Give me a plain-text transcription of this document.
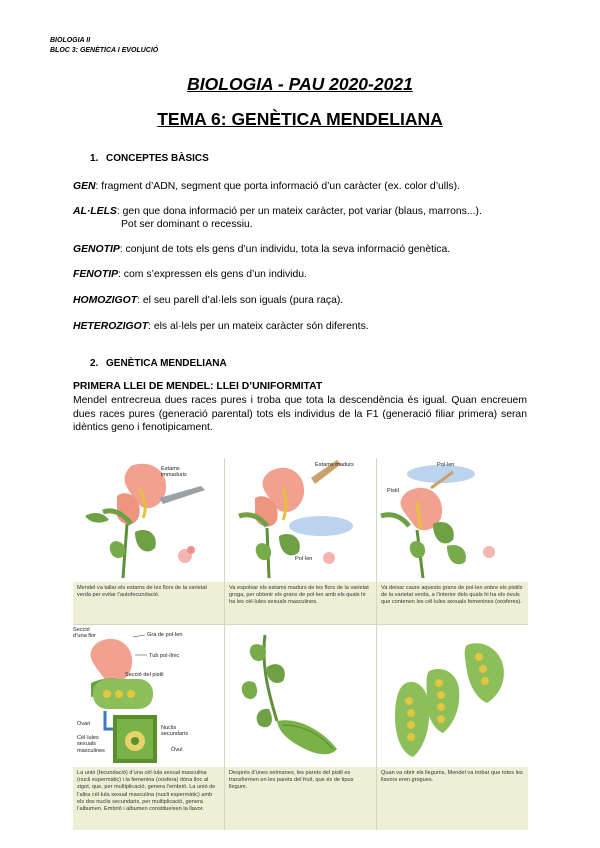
BIOLOGIA II
BLOC 3: GENÈTICA I EVOLUCIÓ
BIOLOGIA - PAU 2020-2021
TEMA 6: GENÈTICA MENDELIANA
1. CONCEPTES BÀSICS
GEN: fragment d’ADN, segment que porta informació d’un caràcter (ex. color d’ulls).
AL·LELS: gen que dona informació per un mateix caràcter, pot variar (blaus, marrons...).
Pot ser dominant o recessiu.
GENOTIP: conjunt de tots els gens d’un individu, tota la seva informació genètica.
FENOTIP: com s’expressen els gens d’un individu.
HOMOZIGOT: el seu parell d’al·lels son iguals (pura raça).
HETEROZIGOT: els al·lels per un mateix caràcter són diferents.
2. GENÈTICA MENDELIANA
PRIMERA LLEI DE MENDEL: LLEI D’UNIFORMITAT
Mendel entrecreua dues races pures i troba que tota la descendència és igual. Quan encreuem dues races pures (generació parental) tots els individus de la F1 (generació filiar primera) seran idèntics geno i fenotipicament.
Estams immaduris
Mendel va tallar els estams de les flors de la varietat verda per evitar l’autofecundació.
Estams madurs
Pol·len
Va espolsar els estams madurs de les flors de la varietat groga, per obtenir els grans de pol·len amb els quals hi ha les cèl·lules sexuals masculines.
Pol·len
Pistil
Va deixar caure aquests grans de pol·len sobre els pistils de la varietat verda, a l’interior dels quals hi ha els òvuls que contenen les cèl·lules sexuals femenines (oosferes).
Secció d’una flor	Gra de pol·len
Tub pol·línic
Secció del pistil
Ovari
Cèl·lules sexuals masculines
Nuclis secundaris
Òvul
La unió (fecundació) d’una cèl·lula sexual masculina (nucli espermàtic) i la femenina (oosfera) dóna lloc al zigot, que, per multiplicació, genera l’embrió. La unió de l’altra cèl·lula sexual masculina (nucli espermàtic) amb els dos nuclis secundaris, per multiplicació, genera l’albumen. Embrió i albumen constitueixen la llavor.
Després d’unes setmanes, les parets del pistil es transformen en les parets del fruit, que és de tipus llegum.
Quan va obrir els llegums, Mendel va trobar que totes les llavors eren grogues.
